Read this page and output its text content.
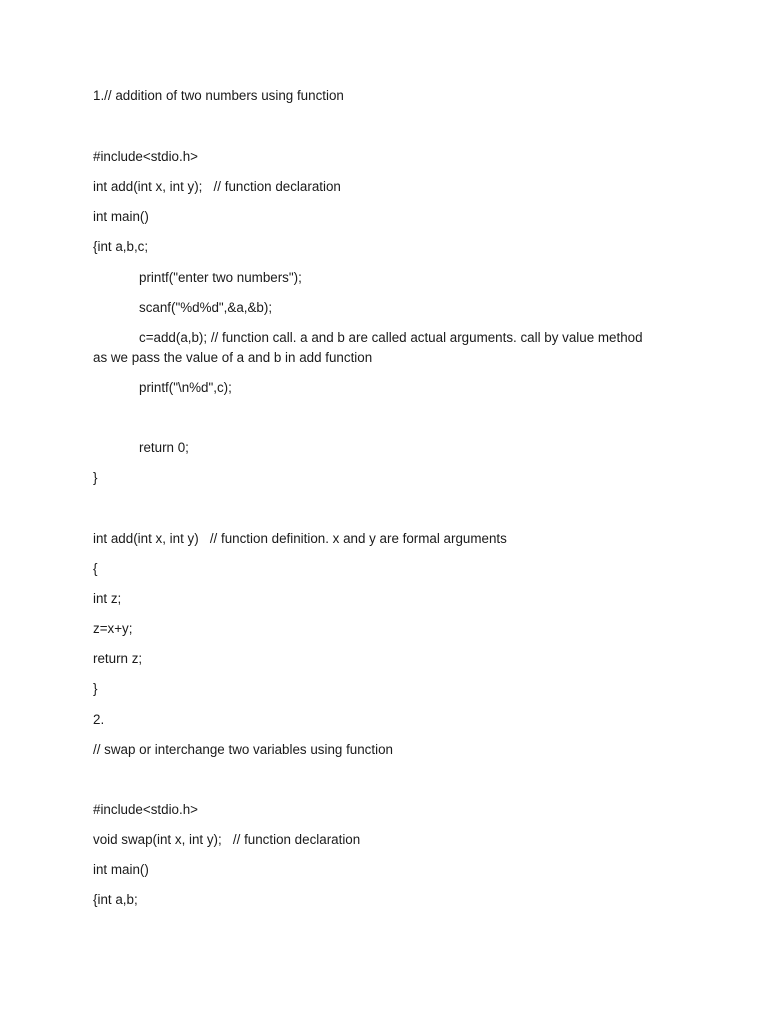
1.// addition of two numbers using function
#include<stdio.h>
int add(int x, int y);   // function declaration
int main()
{int a,b,c;
printf("enter two numbers");
scanf("%d%d",&a,&b);
c=add(a,b); // function call. a and b are called actual arguments. call by value method as we pass the value of a and b in add function
printf("\n%d",c);
return 0;
}
int add(int x, int y)   // function definition. x and y are formal arguments
{
int z;
z=x+y;
return z;
}
2.
// swap or interchange two variables using function
#include<stdio.h>
void swap(int x, int y);   // function declaration
int main()
{int a,b;
